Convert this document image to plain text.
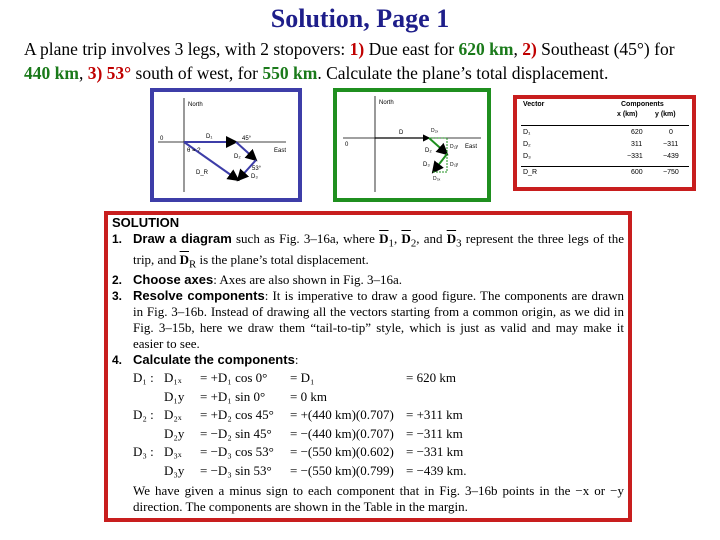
Solution, Page 1
A plane trip involves 3 legs, with 2 stopovers: 1) Due east for 620 km, 2) Southeast (45°) for 440 km, 3) 53° south of west, for 550 km. Calculate the plane’s total displacement.
North
East
0	D₁
D₂
D₃
D_R
45°
53°
θ = ?
North
East
0
D	D₂ₓ
D₂y
D₃ₓ
D₃y
D₂
D₃
Vector	Components
x (km) y (km)
D₁	620	0
D₂	311	−311
D₃	−331	−439
D_R	600	−750
SOLUTION
1. Draw a diagram such as Fig. 3–16a, where $\overline{D}_1$, $\overline{D}_2$, and $\overline{D}_3$ represent the three legs of the trip, and $\overline{D}_R$ is the plane’s total displacement.
2. Choose axes: Axes are also shown in Fig. 3–16a.
3. Resolve components: It is imperative to draw a good figure. The components are drawn in Fig. 3–16b. Instead of drawing all the vectors starting from a common origin, as we did in Fig. 3–15b, here we draw them “tail-to-tip” style, which is just as valid and may make it easier to see.
4. Calculate the components:
D₁ : D₁ₓ = +D₁ cos 0° = D₁	= 620 km
D₁y = +D₁ sin 0° = 0 km
D₂ : D₂ₓ = +D₂ cos 45° = +(440 km)(0.707) = +311 km
D₂y = −D₂ sin 45° = −(440 km)(0.707) = −311 km
D₃ : D₃ₓ = −D₃ cos 53° = −(550 km)(0.602) = −331 km
D₃y = −D₃ sin 53° = −(550 km)(0.799) = −439 km.
We have given a minus sign to each component that in Fig. 3–16b points in the −x or −y direction. The components are shown in the Table in the margin.
